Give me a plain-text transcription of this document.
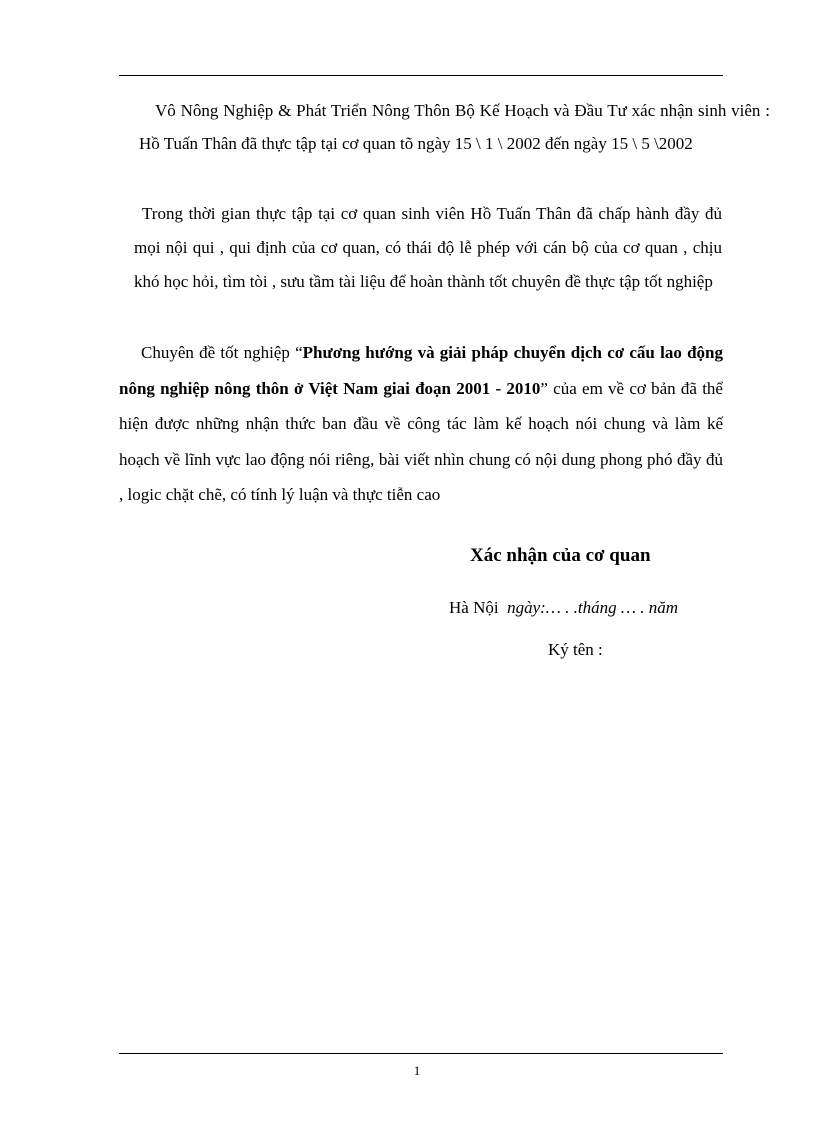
Vô Nông Nghiệp & Phát Triển Nông Thôn Bộ Kế Hoạch và Đầu Tư xác nhận sinh viên : Hồ Tuấn Thân đã thực tập tại cơ quan tõ ngày 15 \ 1 \ 2002 đến ngày 15 \ 5 \2002

Trong thời gian thực tập tại cơ quan sinh viên Hồ Tuấn Thân đã chấp hành đầy đủ mọi nội qui , qui định của cơ quan, có thái độ lễ phép với cán bộ của cơ quan , chịu khó học hỏi, tìm tòi , sưu tầm tài liệu để hoàn thành tốt chuyên đề thực tập tốt nghiệp

Chuyên đề tốt nghiệp “Phương hướng và giải pháp chuyển dịch cơ cấu lao động nông nghiệp nông thôn ở Việt Nam giai đoạn 2001 - 2010” của em về cơ bản đã thể hiện được những nhận thức ban đầu về công tác làm kế hoạch nói chung và làm kế hoạch về lĩnh vực lao động nói riêng, bài viết nhìn chung có nội dung phong phó đầy đủ , logic chặt chẽ, có tính lý luận và thực tiễn cao

Xác nhận của cơ quan
Hà Nội ngày:… . .tháng … . năm
Ký tên :
1
